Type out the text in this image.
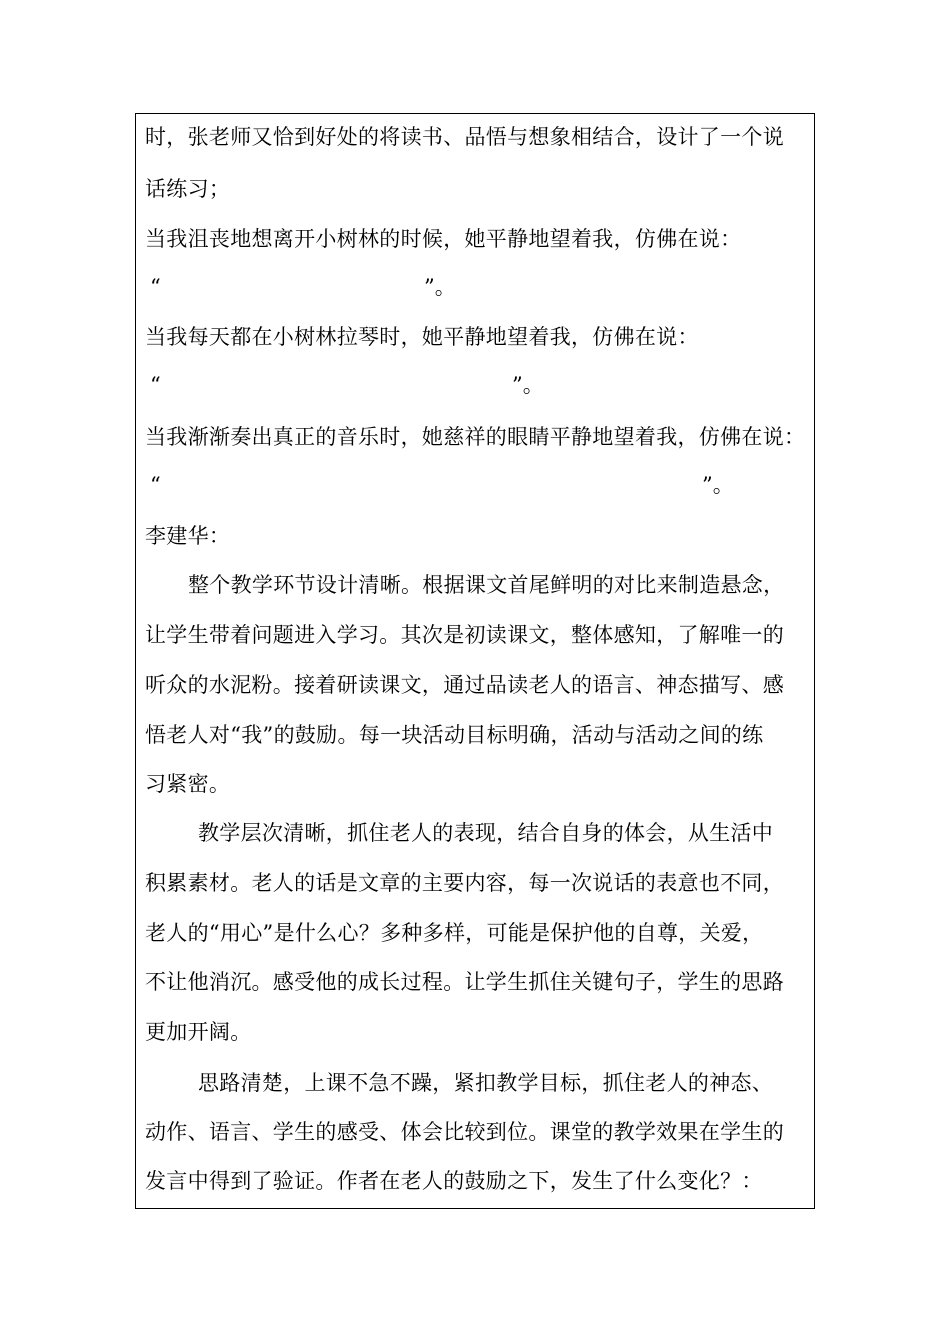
时，张老师又恰到好处的将读书、品悟与想象相结合，设计了一个说
话练习；
当我沮丧地想离开小树林的时候，她平静地望着我，仿佛在说：
“	”。
当我每天都在小树林拉琴时，她平静地望着我，仿佛在说：
“	”。
当我渐渐奏出真正的音乐时，她慈祥的眼睛平静地望着我，仿佛在说：
“	”。
李建华：
整个教学环节设计清晰。根据课文首尾鲜明的对比来制造悬念，
让学生带着问题进入学习。其次是初读课文，整体感知，了解唯一的
听众的水泥粉。接着研读课文，通过品读老人的语言、神态描写、感
悟老人对“我”的鼓励。每一块活动目标明确，活动与活动之间的练
习紧密。
教学层次清晰，抓住老人的表现，结合自身的体会，从生活中
积累素材。老人的话是文章的主要内容，每一次说话的表意也不同，
老人的“用心”是什么心？多种多样，可能是保护他的自尊，关爱，
不让他消沉。感受他的成长过程。让学生抓住关键句子，学生的思路
更加开阔。
思路清楚，上课不急不躁，紧扣教学目标，抓住老人的神态、
动作、语言、学生的感受、体会比较到位。课堂的教学效果在学生的
发言中得到了验证。作者在老人的鼓励之下，发生了什么变化？：
